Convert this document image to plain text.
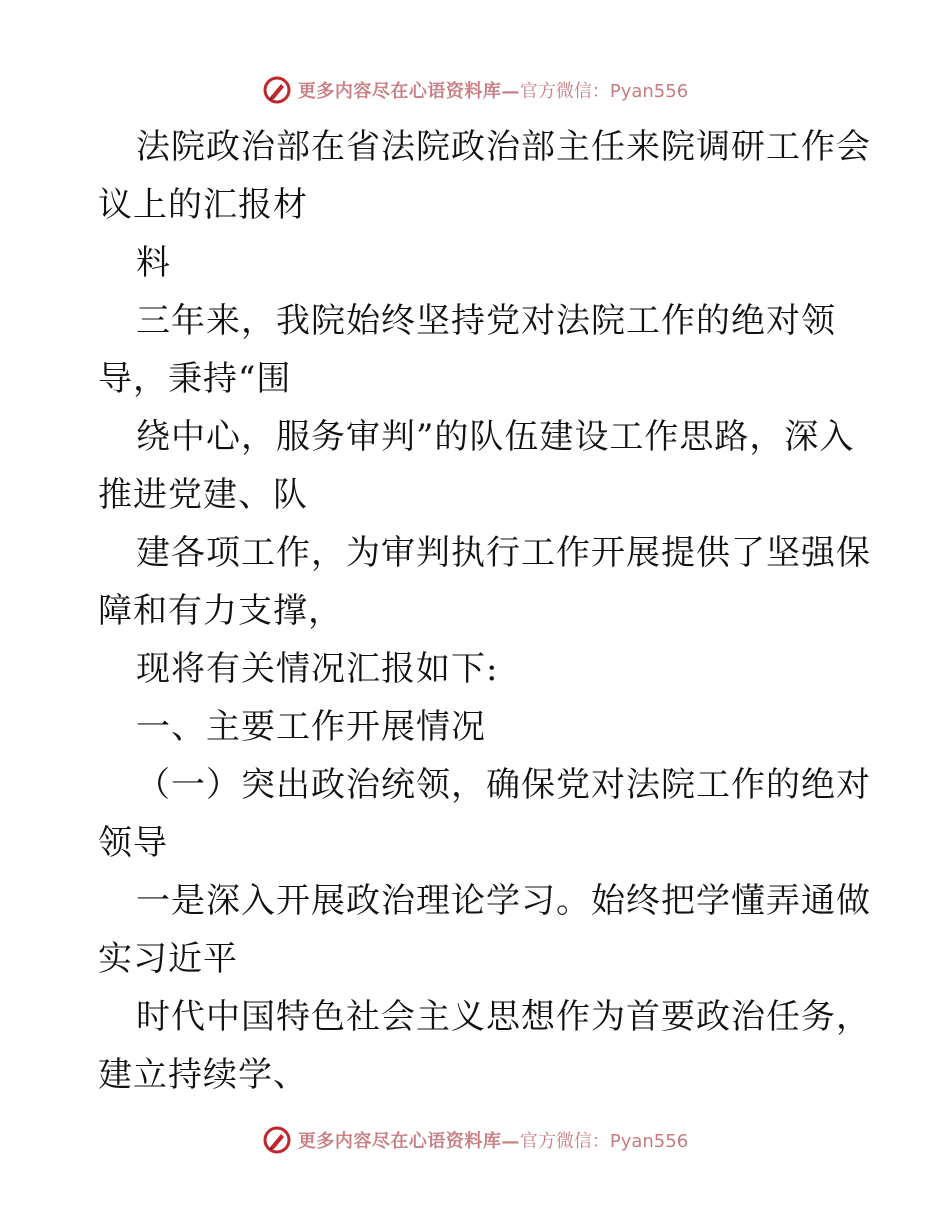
更多内容尽在心语资料库— 官方微信：Pyan556
法院政治部在省法院政治部主任来院调研工作会
议上的汇报材
料
三年来，我院始终坚持党对法院工作的绝对领
导，秉持“围
绕中心，服务审判”的队伍建设工作思路，深入
推进党建、队
建各项工作，为审判执行工作开展提供了坚强保
障和有力支撑，
现将有关情况汇报如下:
一、主要工作开展情况
（一）突出政治统领，确保党对法院工作的绝对
领导
一是深入开展政治理论学习。始终把学懂弄通做
实习近平
时代中国特色社会主义思想作为首要政治任务，
建立持续学、
更多内容尽在心语资料库— 官方微信：Pyan556
